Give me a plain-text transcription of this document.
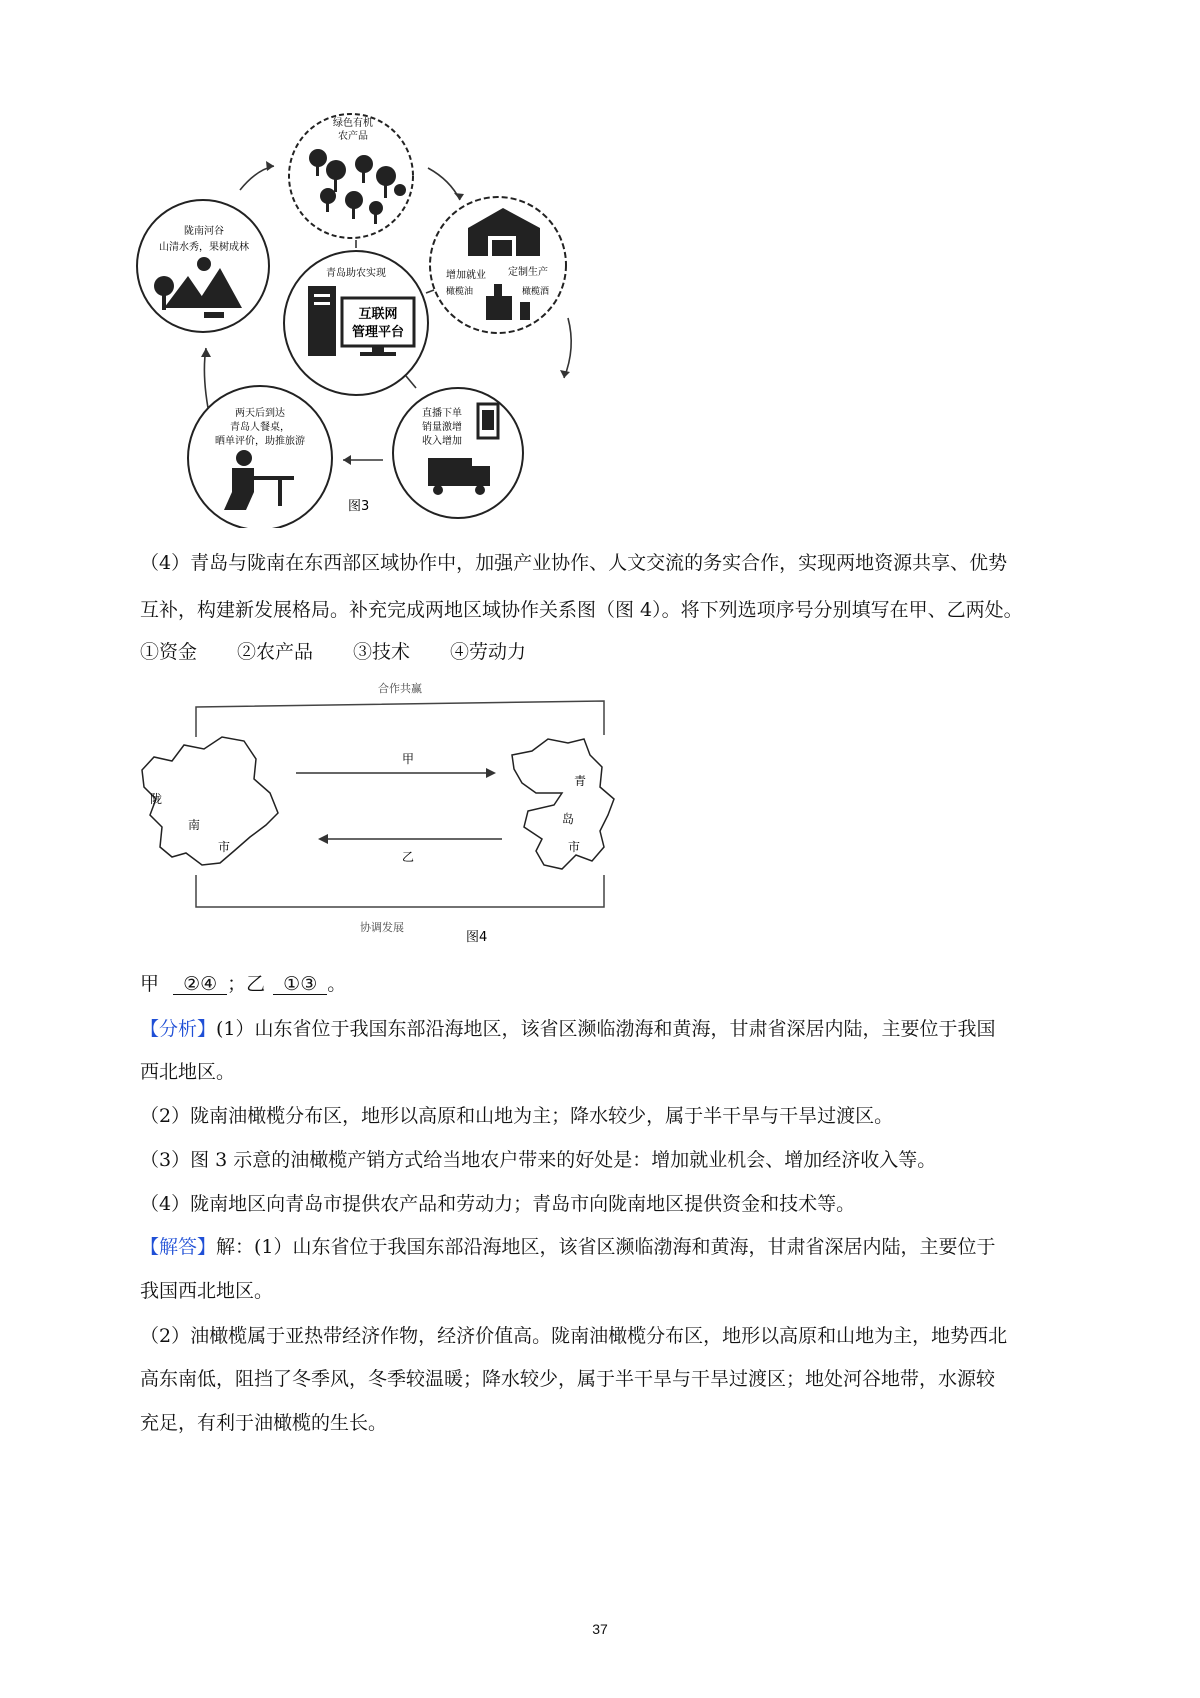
绿色有机
农产品
增加就业 定制生产
橄榄油	橄榄酒
青岛助农实现
互联网
管理平台
陇南河谷
山清水秀，果树成林
直播下单
销量激增
收入增加
两天后到达
青岛人餐桌，
晒单评价，助推旅游
图3
（4）青岛与陇南在东西部区域协作中，加强产业协作、人文交流的务实合作，实现两地资源共享、优势
互补，构建新发展格局。补充完成两地区域协作关系图（图 4）。将下列选项序号分别填写在甲、乙两处。
①资金 ②农产品 ③技术 ④劳动力
合作共赢
协调发展
陇
南
市
青
岛
市
甲
乙
图4
甲 ②④ ；乙 ①③ 。
【分析】(1）山东省位于我国东部沿海地区，该省区濒临渤海和黄海，甘肃省深居内陆，主要位于我国
西北地区。
（2）陇南油橄榄分布区，地形以高原和山地为主；降水较少，属于半干旱与干旱过渡区。
（3）图 3 示意的油橄榄产销方式给当地农户带来的好处是：增加就业机会、增加经济收入等。
（4）陇南地区向青岛市提供农产品和劳动力；青岛市向陇南地区提供资金和技术等。
【解答】解：(1）山东省位于我国东部沿海地区，该省区濒临渤海和黄海，甘肃省深居内陆，主要位于
我国西北地区。
（2）油橄榄属于亚热带经济作物，经济价值高。陇南油橄榄分布区，地形以高原和山地为主，地势西北
高东南低，阻挡了冬季风，冬季较温暖；降水较少，属于半干旱与干旱过渡区；地处河谷地带，水源较
充足，有利于油橄榄的生长。
37
